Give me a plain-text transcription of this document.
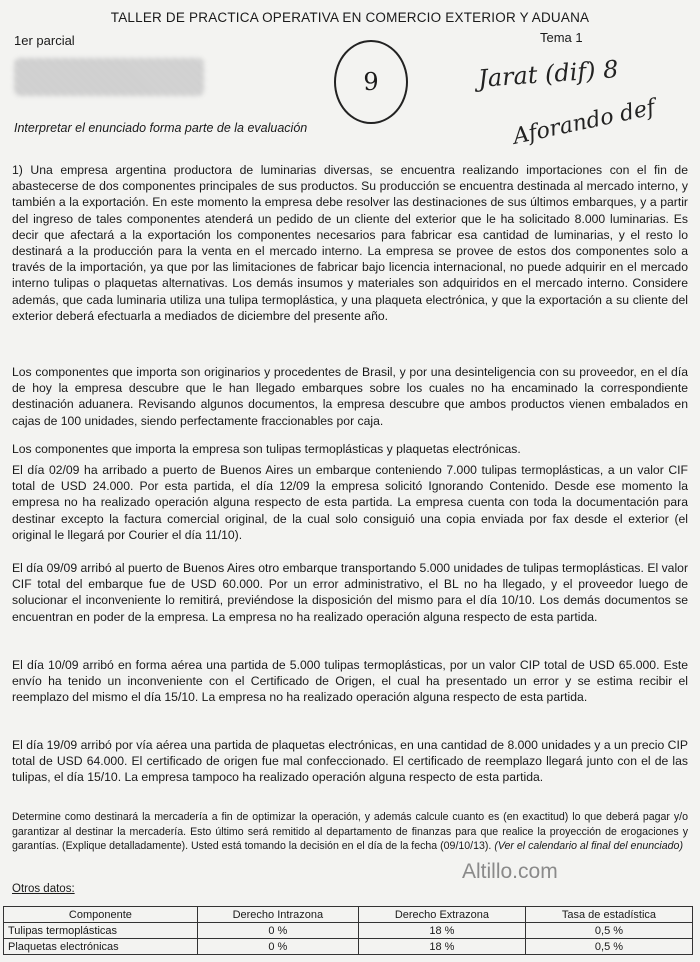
TALLER DE PRACTICA OPERATIVA EN COMERCIO EXTERIOR Y ADUANA
1er parcial	Tema 1
9	Jarat (dif) 8
Aforando def
Interpretar el enunciado forma parte de la evaluación

1) Una empresa argentina productora de luminarias diversas, se encuentra realizando importaciones con el fin de abastecerse de dos componentes principales de sus productos. Su producción se encuentra destinada al mercado interno, y también a la exportación. En este momento la empresa debe resolver las destinaciones de sus últimos embarques, y a partir del ingreso de tales componentes atenderá un pedido de un cliente del exterior que le ha solicitado 8.000 luminarias. Es decir que afectará a la exportación los componentes necesarios para fabricar esa cantidad de luminarias, y el resto lo destinará a la producción para la venta en el mercado interno. La empresa se provee de estos dos componentes solo a través de la importación, ya que por las limitaciones de fabricar bajo licencia internacional, no puede adquirir en el mercado interno tulipas o plaquetas alternativas. Los demás insumos y materiales son adquiridos en el mercado interno. Considere además, que cada luminaria utiliza una tulipa termoplástica, y una plaqueta electrónica, y que la exportación a su cliente del exterior deberá efectuarla a mediados de diciembre del presente año.

Los componentes que importa son originarios y procedentes de Brasil, y por una desinteligencia con su proveedor, en el día de hoy la empresa descubre que le han llegado embarques sobre los cuales no ha encaminado la correspondiente destinación aduanera. Revisando algunos documentos, la empresa descubre que ambos productos vienen embalados en cajas de 100 unidades, siendo perfectamente fraccionables por caja.

Los componentes que importa la empresa son tulipas termoplásticas y plaquetas electrónicas.

El día 02/09 ha arribado a puerto de Buenos Aires un embarque conteniendo 7.000 tulipas termoplásticas, a un valor CIF total de USD 24.000. Por esta partida, el día 12/09 la empresa solicitó Ignorando Contenido. Desde ese momento la empresa no ha realizado operación alguna respecto de esta partida. La empresa cuenta con toda la documentación para destinar excepto la factura comercial original, de la cual solo consiguió una copia enviada por fax desde el exterior (el original le llegará por Courier el día 11/10).

El día 09/09 arribó al puerto de Buenos Aires otro embarque transportando 5.000 unidades de tulipas termoplásticas. El valor CIF total del embarque fue de USD 60.000. Por un error administrativo, el BL no ha llegado, y el proveedor luego de solucionar el inconveniente lo remitirá, previéndose la disposición del mismo para el día 10/10. Los demás documentos se encuentran en poder de la empresa. La empresa no ha realizado operación alguna respecto de esta partida.

El día 10/09 arribó en forma aérea una partida de 5.000 tulipas termoplásticas, por un valor CIP total de USD 65.000. Este envío ha tenido un inconveniente con el Certificado de Origen, el cual ha presentado un error y se estima recibir el reemplazo del mismo el día 15/10. La empresa no ha realizado operación alguna respecto de esta partida.

El día 19/09 arribó por vía aérea una partida de plaquetas electrónicas, en una cantidad de 8.000 unidades y a un precio CIP total de USD 64.000. El certificado de origen fue mal confeccionado. El certificado de reemplazo llegará junto con el de las tulipas, el día 15/10. La empresa tampoco ha realizado operación alguna respecto de esta partida.

Determine como destinará la mercadería a fin de optimizar la operación, y además calcule cuanto es (en exactitud) lo que deberá pagar y/o garantizar al destinar la mercadería. Esto último será remitido al departamento de finanzas para que realice la proyección de erogaciones y garantías. (Explique detalladamente). Usted está tomando la decisión en el día de la fecha (09/10/13). (Ver el calendario al final del enunciado)

Altillo.com
Otros datos:
Componente	Derecho Intrazona	Derecho Extrazona	Tasa de estadística
Tulipas termoplásticas	0 %	18 %	0,5 %
Plaquetas electrónicas	0 %	18 %	0,5 %
